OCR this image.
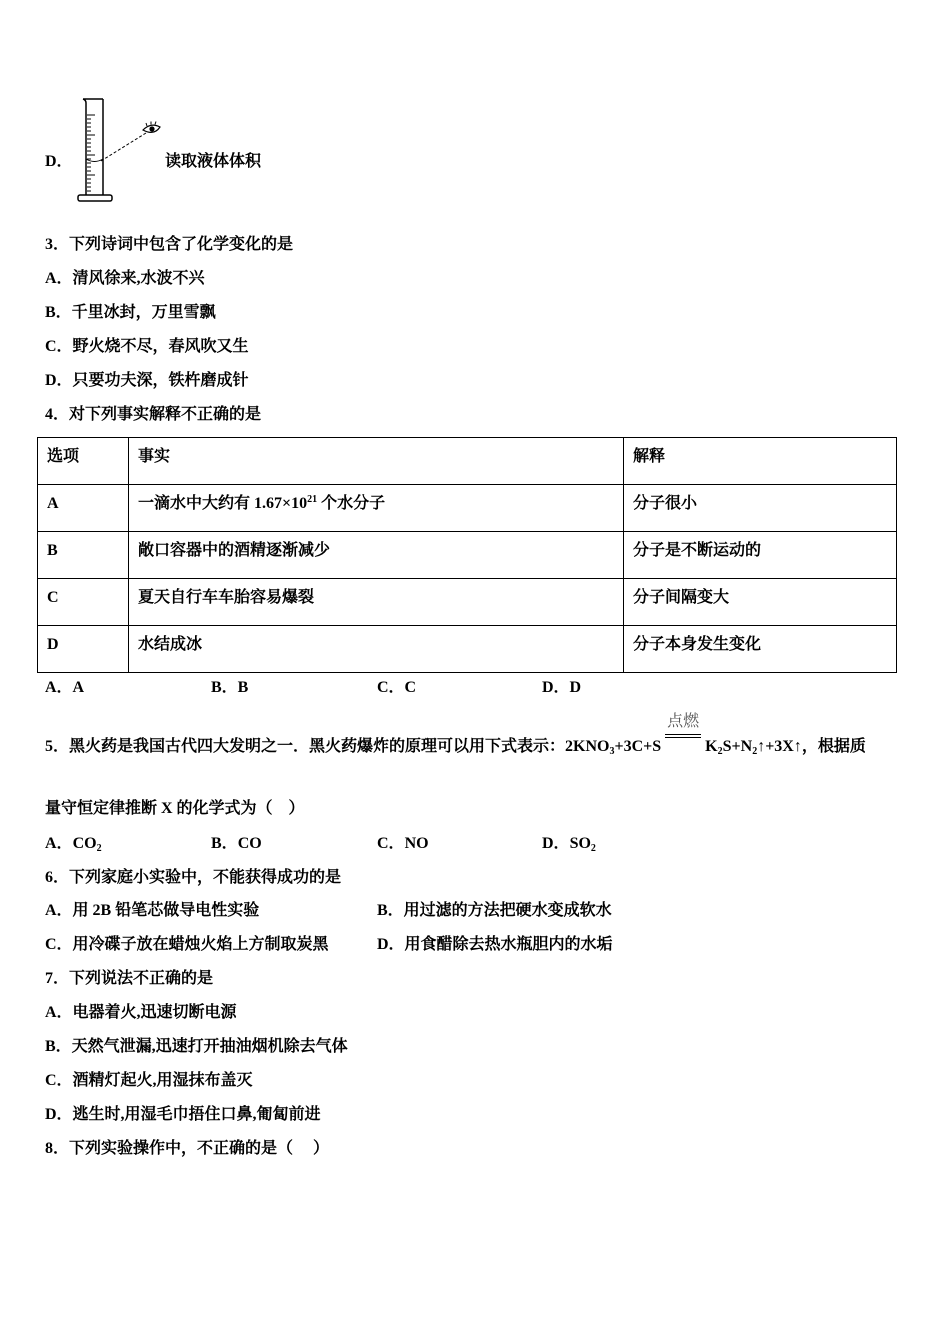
D．	读取液体体积
3．下列诗词中包含了化学变化的是
A．清风徐来,水波不兴
B．千里冰封，万里雪飘
C．野火烧不尽，春风吹又生
D．只要功夫深，铁杵磨成针
4．对下列事实解释不正确的是
选项	事实	解释
A	一滴水中大约有 $1.67\times 10^{21}$ 个水分子	分子很小
B	敞口容器中的酒精逐渐减少	分子是不断运动的
C	夏天自行车车胎容易爆裂	分子间隔变大
D	水结成冰	分子本身发生变化
A．A	B．B	C．C	D．D
5．黑火药是我国古代四大发明之一．黑火药爆炸的原理可以用下式表示：$2KNO_3+3C+S$
点燃
$K_2S+N_2↑+3X↑$，根据质
量守恒定律推断 X 的化学式为（　）
A．$CO_2$	B．CO	C．NO	D．$SO_2$
6．下列家庭小实验中，不能获得成功的是
A．用 2B 铅笔芯做导电性实验	B．用过滤的方法把硬水变成软水
C．用冷碟子放在蜡烛火焰上方制取炭黑	D．用食醋除去热水瓶胆内的水垢
7．下列说法不正确的是
A．电器着火,迅速切断电源
B．天然气泄漏,迅速打开抽油烟机除去气体
C．酒精灯起火,用湿抹布盖灭
D．逃生时,用湿毛巾捂住口鼻,匍匐前进
8．下列实验操作中，不正确的是（　 ）
